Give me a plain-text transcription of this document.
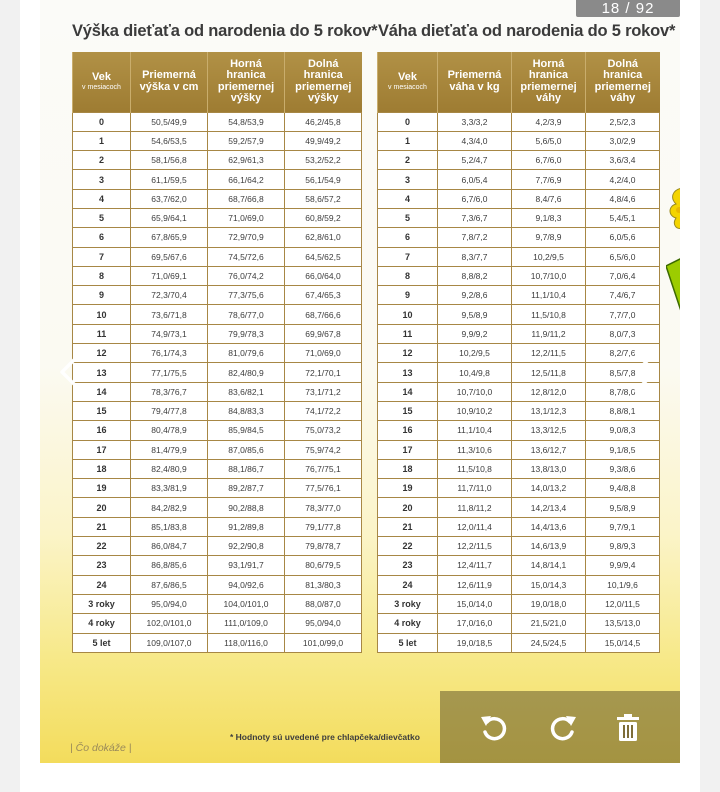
Výška dieťaťa od narodenia do 5 rokov* Váha dieťaťa od narodenia do 5 rokov*
Vek
v mesiacoch	Priemerná výška v cm	Horná hranica priemernej výšky	Dolná hranica priemernej výšky
0	50,5/49,9	54,8/53,9	46,2/45,8
1	54,6/53,5	59,2/57,9	49,9/49,2
2	58,1/56,8	62,9/61,3	53,2/52,2
3	61,1/59,5	66,1/64,2	56,1/54,9
4	63,7/62,0	68,7/66,8	58,6/57,2
5	65,9/64,1	71,0/69,0	60,8/59,2
6	67,8/65,9	72,9/70,9	62,8/61,0
7	69,5/67,6	74,5/72,6	64,5/62,5
8	71,0/69,1	76,0/74,2	66,0/64,0
9	72,3/70,4	77,3/75,6	67,4/65,3
10	73,6/71,8	78,6/77,0	68,7/66,6
11	74,9/73,1	79,9/78,3	69,9/67,8
12	76,1/74,3	81,0/79,6	71,0/69,0
13	77,1/75,5	82,4/80,9	72,1/70,1
14	78,3/76,7	83,6/82,1	73,1/71,2
15	79,4/77,8	84,8/83,3	74,1/72,2
16	80,4/78,9	85,9/84,5	75,0/73,2
17	81,4/79,9	87,0/85,6	75,9/74,2
18	82,4/80,9	88,1/86,7	76,7/75,1
19	83,3/81,9	89,2/87,7	77,5/76,1
20	84,2/82,9	90,2/88,8	78,3/77,0
21	85,1/83,8	91,2/89,8	79,1/77,8
22	86,0/84,7	92,2/90,8	79,8/78,7
23	86,8/85,6	93,1/91,7	80,6/79,5
24	87,6/86,5	94,0/92,6	81,3/80,3
3 roky	95,0/94,0	104,0/101,0	88,0/87,0
4 roky	102,0/101,0	111,0/109,0	95,0/94,0
5 let	109,0/107,0	118,0/116,0	101,0/99,0
Vek
v mesiacoch	Priemerná váha v kg	Horná hranica priemernej váhy	Dolná hranica priemernej váhy
0	3,3/3,2	4,2/3,9	2,5/2,3
1	4,3/4,0	5,6/5,0	3,0/2,9
2	5,2/4,7	6,7/6,0	3,6/3,4
3	6,0/5,4	7,7/6,9	4,2/4,0
4	6,7/6,0	8,4/7,6	4,8/4,6
5	7,3/6,7	9,1/8,3	5,4/5,1
6	7,8/7,2	9,7/8,9	6,0/5,6
7	8,3/7,7	10,2/9,5	6,5/6,0
8	8,8/8,2	10,7/10,0	7,0/6,4
9	9,2/8,6	11,1/10,4	7,4/6,7
10	9,5/8,9	11,5/10,8	7,7/7,0
11	9,9/9,2	11,9/11,2	8,0/7,3
12	10,2/9,5	12,2/11,5	8,2/7,6
13	10,4/9,8	12,5/11,8	8,5/7,8
14	10,7/10,0	12,8/12,0	8,7/8,0
15	10,9/10,2	13,1/12,3	8,8/8,1
16	11,1/10,4	13,3/12,5	9,0/8,3
17	11,3/10,6	13,6/12,7	9,1/8,5
18	11,5/10,8	13,8/13,0	9,3/8,6
19	11,7/11,0	14,0/13,2	9,4/8,8
20	11,8/11,2	14,2/13,4	9,5/8,9
21	12,0/11,4	14,4/13,6	9,7/9,1
22	12,2/11,5	14,6/13,9	9,8/9,3
23	12,4/11,7	14,8/14,1	9,9/9,4
24	12,6/11,9	15,0/14,3	10,1/9,6
3 roky	15,0/14,0	19,0/18,0	12,0/11,5
4 roky	17,0/16,0	21,5/21,0	13,5/13,0
5 let	19,0/18,5	24,5/24,5	15,0/14,5
* Hodnoty sú uvedené pre chlapčeka/dievčatko
| Čo dokáže |
18 / 92
